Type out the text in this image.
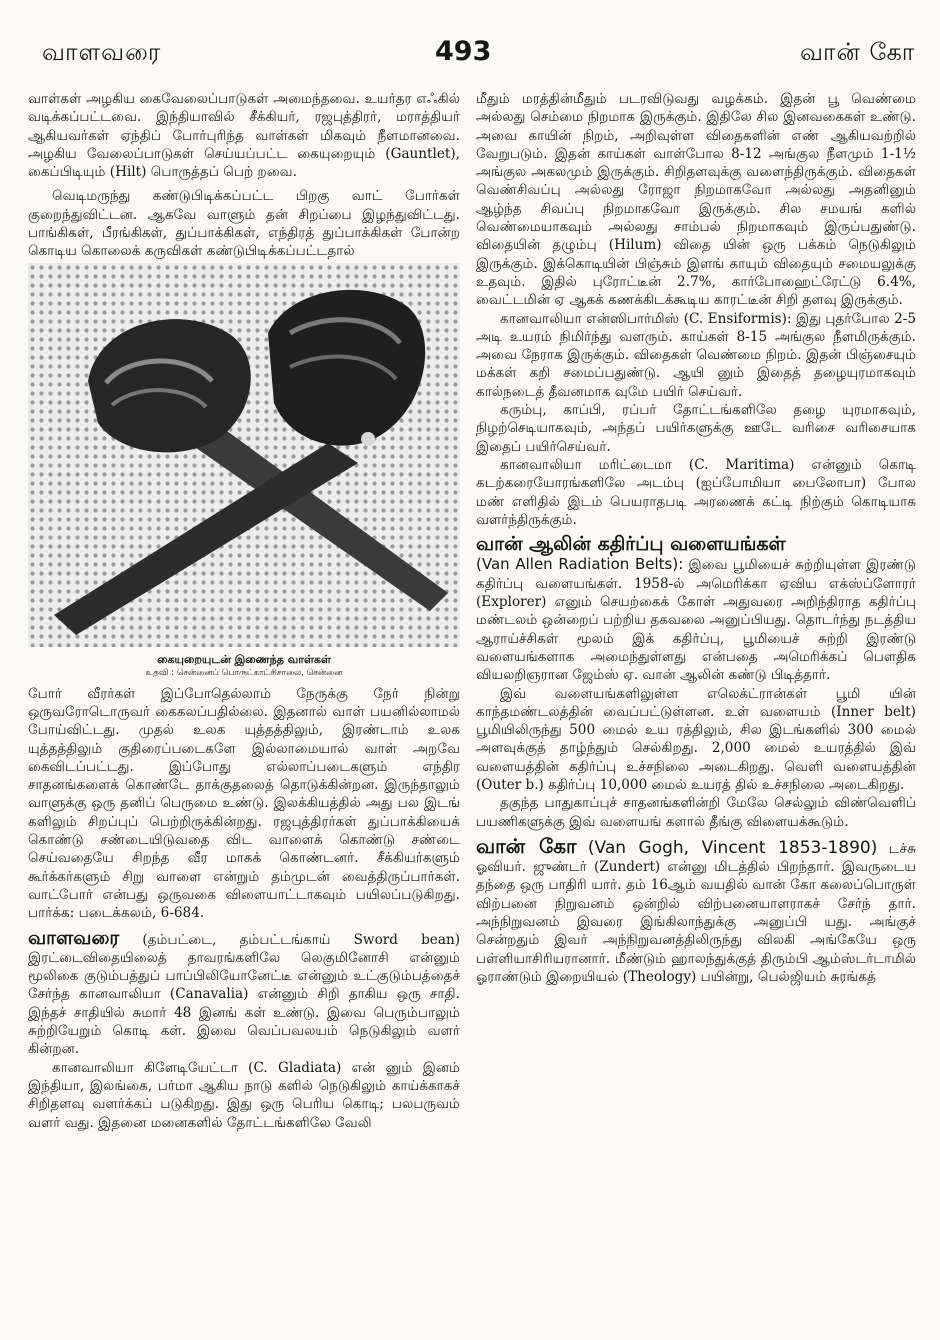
வாளவரை	493	வான் கோ

வாள்கள் அழகிய கைவேலைப்பாடுகள் அமைந்தவை. உயர்தர எஃகில் வடிக்கப்பட்டவை. இந்தியாவில் சீக்கியர், ரஜபுத்திரர், மராத்தியர் ஆகியவர்கள் ஏந்திப் போர்புரிந்த வாள்கள் மிகவும் நீளமானவை. அழகிய வேலைப்பாடுகள் செய்யப்பட்ட கையுறையும் (Gauntlet), கைப்பிடியும் (Hilt) பொருத்தப் பெற் றவை.

வெடிமருந்து கண்டுபிடிக்கப்பட்ட பிறகு வாட் போர்கள் குறைந்துவிட்டன. ஆகவே வாளும் தன் சிறப்பை இழந்துவிட்டது. பாங்கிகள், பீரங்கிகள், துப்பாக்கிகள், எந்திரத் துப்பாக்கிகள் போன்ற கொடிய கொலைக் கருவிகள் கண்டுபிடிக்கப்பட்டதால்

கையுறையுடன் இணைந்த வாள்கள்
உதவி : சென்னைப் பொருட்காட்சிசாலை, சென்னை

போர் வீரர்கள் இப்போதெல்லாம் நேருக்கு நேர் நின்று ஒருவரோடொருவர் கைகலப்பதில்லை. இதனால் வாள் பயனில்லாமல் போய்விட்டது. முதல் உலக யுத்தத்திலும், இரண்டாம் உலக யுத்தத்திலும் குதிரைப்படைகளே இல்லாமையால் வாள் அறவே கைவிடப்பட்டது. இப்போது எல்லாப்படைகளும் எந்திர சாதனங்களைக் கொண்டே தாக்குதலைத் தொடுக்கின்றன. இருந்தாலும் வாளுக்கு ஒரு தனிப் பெருமை உண்டு. இலக்கியத்தில் அது பல இடங் களிலும் சிறப்புப் பெற்றிருக்கின்றது. ரஜபுத்திரர்கள் துப்பாக்கியைக் கொண்டு சண்டையிடுவதை விட வாளைக் கொண்டு சண்டை செய்வதையே சிறந்த வீர மாகக் கொண்டனர். சீக்கியர்களும் கூர்க்கர்களும் சிறு வாளை என்றும் தம்முடன் வைத்திருப்பார்கள். வாட்போர் என்பது ஒருவகை விளையாட்டாகவும் பயிலப்படுகிறது. பார்க்க: படைக்கலம், 6-684.

வாளவரை (தம்பட்டை, தம்பட்டங்காய் Sword bean) இரட்டைவிதையிலைத் தாவரங்களிலே லெகுமினோசி என்னும் மூலிகை குடும்பத்துப் பாப்பிலியோனேட்டீ என்னும் உட்குடும்பத்தைச் சேர்ந்த கானவாலியா (Canavalia) என்னும் சிறி தாகிய ஒரு சாதி. இந்தச் சாதியில் சுமார் 48 இனங் கள் உண்டு. இவை பெரும்பாலும் சுற்றியேறும் கொடி கள். இவை வெப்பவலயம் நெடுகிலும் வளர் கின்றன.

கானவாலியா கிளேடியேட்டா (C. Gladiata) என் னும் இனம் இந்தியா, இலங்கை, பர்மா ஆகிய நாடு களில் நெடுகிலும் காய்க்காகச் சிறிதளவு வளர்க்கப் படுகிறது. இது ஒரு பெரிய கொடி; பலபருவம் வளர் வது. இதனை மனைகளில் தோட்டங்களிலே வேலி

மீதும் மரத்தின்மீதும் படரவிடுவது வழக்கம். இதன் பூ வெண்மை அல்லது செம்மை நிறமாக இருக்கும். இதிலே சில இனவகைகள் உண்டு. அவை காயின் நிறம், அறிவுள்ள விதைகளின் எண் ஆகியவற்றில் வேறுபடும். இதன் காய்கள் வாள்போல 8-12 அங்குல நீளமும் 1-1½ அங்குல அகலமும் இருக்கும். சிறிதளவுக்கு வளைந்திருக்கும். விதைகள் வெண்சிவப்பு அல்லது ரோஜா நிறமாகவோ அல்லது அதனினும் ஆழ்ந்த சிவப்பு நிறமாகவோ இருக்கும். சில சமயங் களில் வெண்மையாகவும் அல்லது சாம்பல் நிறமாகவும் இருப்பதுண்டு. விதையின் தழும்பு (Hilum) விதை யின் ஒரு பக்கம் நெடுகிலும் இருக்கும். இக்கொடியின் பிஞ்சும் இளங் காயும் விதையும் சமையலுக்கு உதவும். இதில் புரோட்டீன் 2.7%, கார்போஹைட்ரேட்டு 6.4%, வைட்டமின் ஏ ஆகக் கணக்கிடக்கூடிய காரட்டீன் சிறி தளவு இருக்கும்.

கானவாலியா என்ஸிபார்மிஸ் (C. Ensiformis): இது புதர்போல 2-5 அடி உயரம் நிமிர்ந்து வளரும். காய்கள் 8-15 அங்குல நீளமிருக்கும். அவை நேராக இருக்கும். விதைகள் வெண்மை நிறம். இதன் பிஞ்சையும் மக்கள் கறி சமைப்பதுண்டு. ஆயி னும் இதைத் தழையுரமாகவும் கால்நடைத் தீவனமாக வுமே பயிர் செய்வர்.

கரும்பு, காப்பி, ரப்பர் தோட்டங்களிலே தழை யுரமாகவும், நிழற்செடியாகவும், அந்தப் பயிர்களுக்கு ஊடே வரிசை வரிசையாக இதைப் பயிர்செய்வர்.

கானவாலியா மரிட்டைமா (C. Maritima) என்னும் கொடி கடற்கரையோரங்களிலே அடம்பு (ஐப்போமியா பைலோபா) போல மண் எளிதில் இடம் பெயராதபடி அரணைக் கட்டி நிற்கும் கொடியாக வளர்ந்திருக்கும்.

வான் ஆலின் கதிர்ப்பு வளையங்கள்
(Van Allen Radiation Belts): இவை பூமியைச் சுற்றியுள்ள இரண்டு கதிர்ப்பு வளையங்கள். 1958-ல் அமெரிக்கா ஏவிய எக்ஸ்ப்ளோரர் (Explorer) எனும் செயற்கைக் கோள் அதுவரை அறிந்திராத கதிர்ப்பு மண்டலம் ஒன்றைப் பற்றிய தகவலை அனுப்பியது. தொடர்ந்து நடத்திய ஆராய்ச்சிகள் மூலம் இக் கதிர்ப்பு, பூமியைச் சுற்றி இரண்டு வளையங்களாக அமைந்துள்ளது என்பதை அமெரிக்கப் பௌதிக வியலறிஞரான ஜேம்ஸ் ஏ. வான் ஆலின் கண்டு பிடித்தார்.

இவ் வளையங்களிலுள்ள எலெக்ட்ரான்கள் பூமி யின் காந்தமண்டலத்தின் வைப்பட்டுள்ளன. உள் வளையம் (Inner belt) பூமியிலிருந்து 500 மைல் உய ரத்திலும், சில இடங்களில் 300 மைல் அளவுக்குத் தாழ்ந்தும் செல்கிறது. 2,000 மைல் உயரத்தில் இவ் வளையத்தின் கதிர்ப்பு உச்சநிலை அடைகிறது. வெளி வளையத்தின் (Outer b.) கதிர்ப்பு 10,000 மைல் உயரத் தில் உச்சநிலை அடைகிறது.

தகுந்த பாதுகாப்புச் சாதனங்களின்றி மேலே செல்லும் விண்வெளிப் பயணிகளுக்கு இவ் வளையங் களால் தீங்கு விளையக்கூடும்.

வான் கோ (Van Gogh, Vincent 1853-1890) டச்சு ஓவியர். ஜுண்டர் (Zundert) என்னு மிடத்தில் பிறந்தார். இவருடைய தந்தை ஒரு பாதிரி யார். தம் 16ஆம் வயதில் வான் கோ கலைப்பொருள் விற்பனை நிறுவனம் ஒன்றில் விற்பனையாளராகச் சேர்ந் தார். அந்நிறுவனம் இவரை இங்கிலாந்துக்கு அனுப்பி யது. அங்குச் சென்றதும் இவர் அந்நிறுவனத்திலிருந்து விலகி அங்கேயே ஒரு பள்ளியாசிரியரானார். மீண்டும் ஹாலந்துக்குத் திரும்பி ஆம்ஸ்டர்டாமில் ஓராண்டும் இறையியல் (Theology) பயின்று, பெல்ஜியம் சுரங்கத்
